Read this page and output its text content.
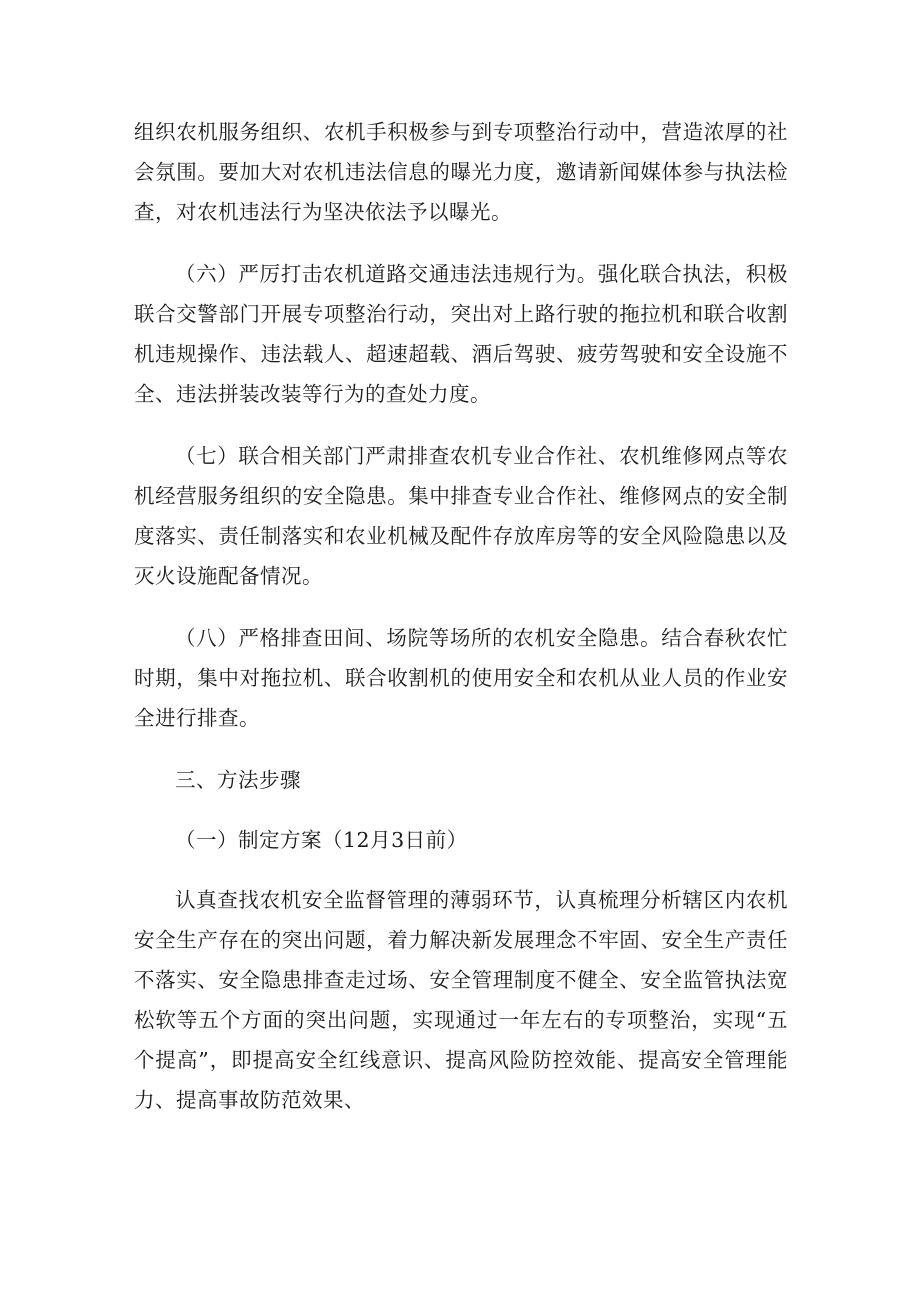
组织农机服务组织、农机手积极参与到专项整治行动中，营造浓厚的社会氛围。要加大对农机违法信息的曝光力度，邀请新闻媒体参与执法检查，对农机违法行为坚决依法予以曝光。

（六）严厉打击农机道路交通违法违规行为。强化联合执法，积极联合交警部门开展专项整治行动，突出对上路行驶的拖拉机和联合收割机违规操作、违法载人、超速超载、酒后驾驶、疲劳驾驶和安全设施不全、违法拼装改装等行为的查处力度。

（七）联合相关部门严肃排查农机专业合作社、农机维修网点等农机经营服务组织的安全隐患。集中排查专业合作社、维修网点的安全制度落实、责任制落实和农业机械及配件存放库房等的安全风险隐患以及灭火设施配备情况。

（八）严格排查田间、场院等场所的农机安全隐患。结合春秋农忙时期，集中对拖拉机、联合收割机的使用安全和农机从业人员的作业安全进行排查。

三、方法步骤

（一）制定方案（12月3日前）

认真查找农机安全监督管理的薄弱环节，认真梳理分析辖区内农机安全生产存在的突出问题，着力解决新发展理念不牢固、安全生产责任不落实、安全隐患排查走过场、安全管理制度不健全、安全监管执法宽松软等五个方面的突出问题，实现通过一年左右的专项整治，实现“五个提高”，即提高安全红线意识、提高风险防控效能、提高安全管理能力、提高事故防范效果、
